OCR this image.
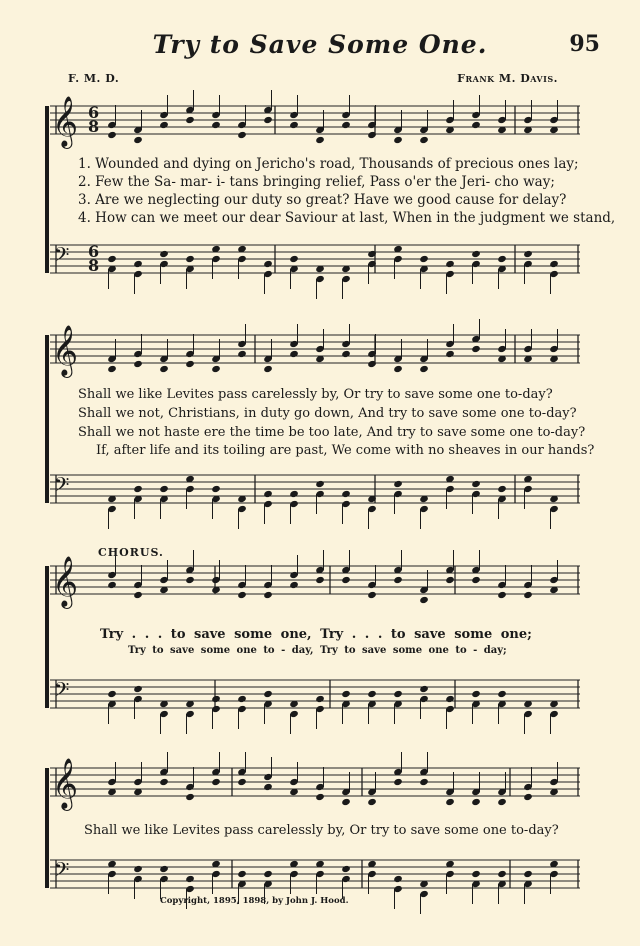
𝄞
𝄢
𝄞
𝄢
𝄞
𝄢
𝄞
𝄢
6
8
6
8
Try to Save Some One.	95
F. M. D.	Frank M. Davis.
1. Wounded and dying on Jericho's road, Thousands of precious ones lay;
2. Few the Sa- mar- i- tans bringing relief, Pass o'er the Jeri- cho way;
3. Are we neglecting our duty so great? Have we good cause for delay?
4. How can we meet our dear Saviour at last, When in the judgment we stand,
Shall we like Levites pass carelessly by, Or try to save some one to-day?
Shall we not, Christians, in duty go down, And try to save some one to-day?
Shall we not haste ere the time be too late, And try to save some one to-day?
If, after life and its toiling are past, We come with no sheaves in our hands?
CHORUS.
Try . . . to save some one, Try . . . to save some one;
Try to save some one to - day, Try to save some one to - day;
Shall we like Levites pass carelessly by, Or try to save some one to-day?
Copyright, 1895, 1898, by John J. Hood.
